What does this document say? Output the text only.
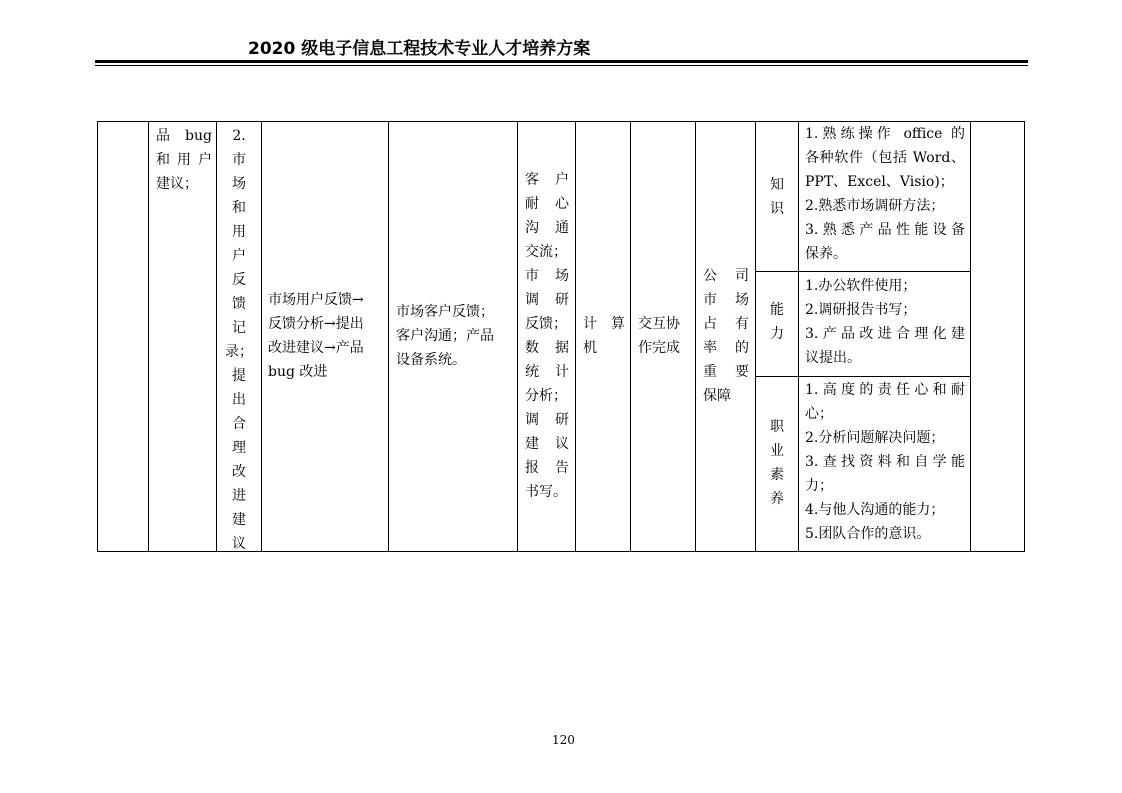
2020 级电子信息工程技术专业人才培养方案
品　bug
和用户
建议；
2.
市
场
和
用
户
反
馈
记
录；
提
出
合
理
改
进
建
议
市场用户反馈→
反馈分析→提出
改进建议→产品
bug 改进
市场客户反馈；
客户沟通；产品
设备系统。
客　户
耐　心
沟　通
交流；
市　场
调　研
反馈；
数　据
统　计
分析；
调　研
建　议
报　告
书写。
计　算
机
交互协
作完成
公　司
市　场
占　有
率　的
重　要
保障
知
识
1.熟练操作 office 的
各种软件（包括 Word、
PPT、Excel、Visio)；
2.熟悉市场调研方法；
3.熟悉产品性能设备
保养。
能
力
1.办公软件使用；
2.调研报告书写；
3.产品改进合理化建
议提出。
职
业
素
养
1.高度的责任心和耐
心；
2.分析问题解决问题；
3.查找资料和自学能
力；
4.与他人沟通的能力；
5.团队合作的意识。
120
